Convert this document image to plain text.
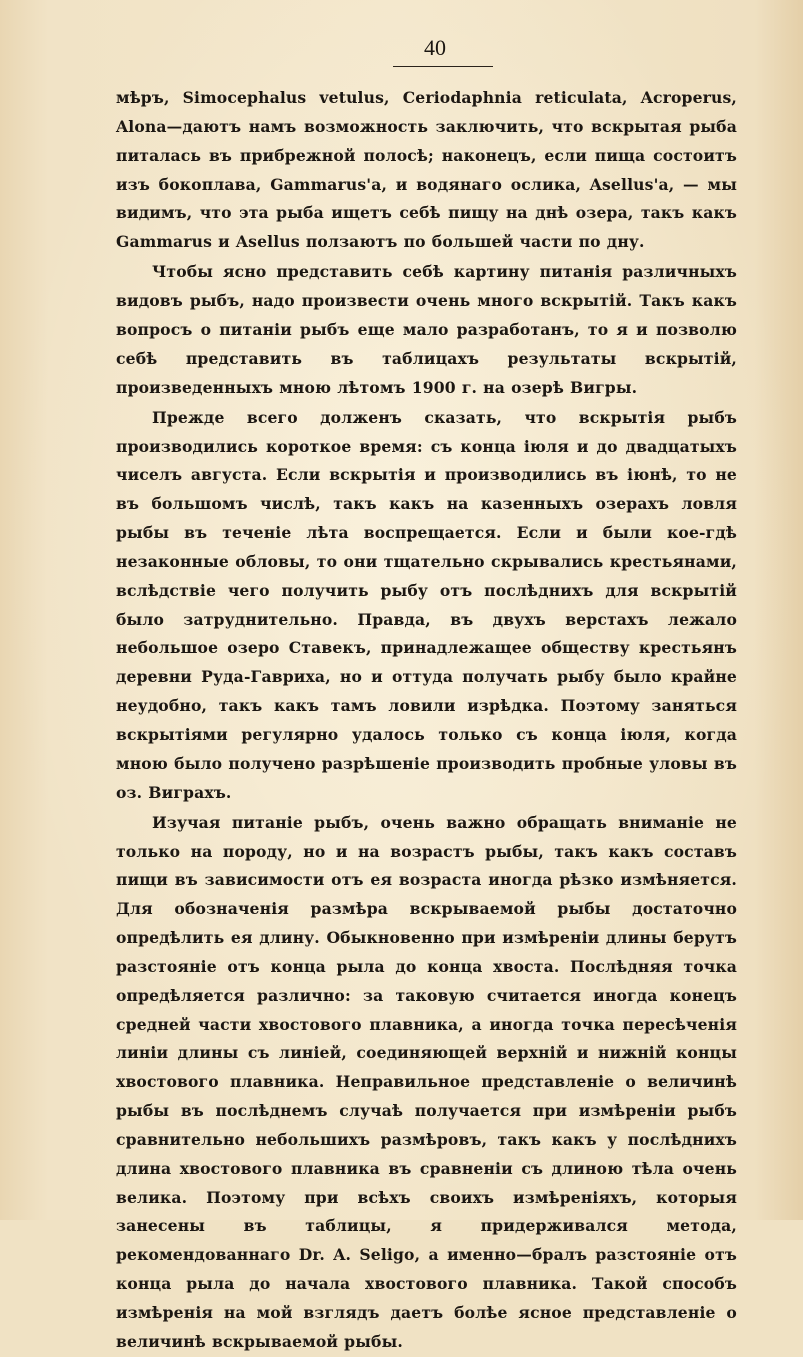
40

мѣръ, Simocephalus vetulus, Ceriodaphnia reticulata, Acroperus, Alona—даютъ намъ возможность заключить, что вскрытая рыба питалась въ прибрежной полосѣ; наконецъ, если пища состоитъ изъ бокоплава, Gammarus'а, и водянаго ослика, Asellus'а, — мы видимъ, что эта рыба ищетъ себѣ пищу на днѣ озера, такъ какъ Gammarus и Asellus ползаютъ по большей части по дну.

Чтобы ясно представить себѣ картину питанія различныхъ видовъ рыбъ, надо произвести очень много вскрытій. Такъ какъ вопросъ о питаніи рыбъ еще мало разработанъ, то я и позволю себѣ представить въ таблицахъ результаты вскрытій, произведенныхъ мною лѣтомъ 1900 г. на озерѣ Вигры.

Прежде всего долженъ сказать, что вскрытія рыбъ производились короткое время: съ конца іюля и до двадцатыхъ чиселъ августа. Если вскрытія и производились въ іюнѣ, то не въ большомъ числѣ, такъ какъ на казенныхъ озерахъ ловля рыбы въ теченіе лѣта воспрещается. Если и были кое-гдѣ незаконные обловы, то они тщательно скрывались крестьянами, вслѣдствіе чего получить рыбу отъ послѣднихъ для вскрытій было затруднительно. Правда, въ двухъ верстахъ лежало небольшое озеро Ставекъ, принадлежащее обществу крестьянъ деревни Руда-Гавриха, но и оттуда получать рыбу было крайне неудобно, такъ какъ тамъ ловили изрѣдка. Поэтому заняться вскрытіями регулярно удалось только съ конца іюля, когда мною было получено разрѣшеніе производить пробные уловы въ оз. Виграхъ.

Изучая питаніе рыбъ, очень важно обращать вниманіе не только на породу, но и на возрастъ рыбы, такъ какъ составъ пищи въ зависимости отъ ея возраста иногда рѣзко измѣняется. Для обозначенія размѣра вскрываемой рыбы достаточно опредѣлить ея длину. Обыкновенно при измѣреніи длины берутъ разстояніе отъ конца рыла до конца хвоста. Послѣдняя точка опредѣляется различно: за таковую считается иногда конецъ средней части хвостового плавника, а иногда точка пересѣченія линіи длины съ линіей, соединяющей верхній и нижній концы хвостового плавника. Неправильное представленіе о величинѣ рыбы въ послѣднемъ случаѣ получается при измѣреніи рыбъ сравнительно небольшихъ размѣровъ, такъ какъ у послѣднихъ длина хвостового плавника въ сравненіи съ длиною тѣла очень велика. Поэтому при всѣхъ своихъ измѣреніяхъ, которыя занесены въ таблицы, я придерживался метода, рекомендованнаго Dr. A. Seligo, а именно—бралъ разстояніе отъ конца рыла до начала хвостового плавника. Такой способъ измѣренія на мой взглядъ даетъ болѣе ясное представленіе о величинѣ вскрываемой рыбы.
